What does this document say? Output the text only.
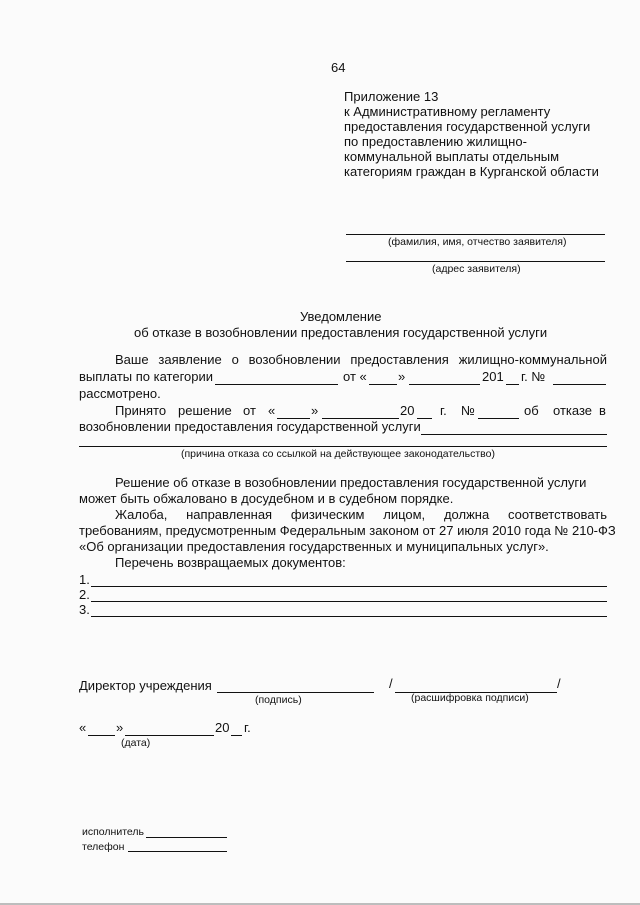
64
Приложение 13
к Административному регламенту
предоставления государственной услуги
по предоставлению жилищно-
коммунальной выплаты отдельным
категориям граждан в Курганской области
(фамилия, имя, отчество заявителя)
(адрес заявителя)
Уведомление
об отказе в возобновлении предоставления государственной услуги
Ваше заявление о возобновлении предоставления жилищно-коммунальной
выплаты по категории	от « »	201 г. №
рассмотрено.
Принято решение от «	»	20 г. №	об отказе в
возобновлении предоставления государственной услуги
(причина отказа со ссылкой на действующее законодательство)
Решение об отказе в возобновлении предоставления государственной услуги
может быть обжаловано в досудебном и в судебном порядке.
Жалоба, направленная физическим лицом, должна соответствовать
требованиям, предусмотренным Федеральным законом от 27 июля 2010 года № 210-ФЗ
«Об организации предоставления государственных и муниципальных услуг».
Перечень возвращаемых документов:
1.
2.
3.
Директор учреждения
(подпись)
/	/
(расшифровка подписи)
« »	20 г.
(дата)
исполнитель
телефон
